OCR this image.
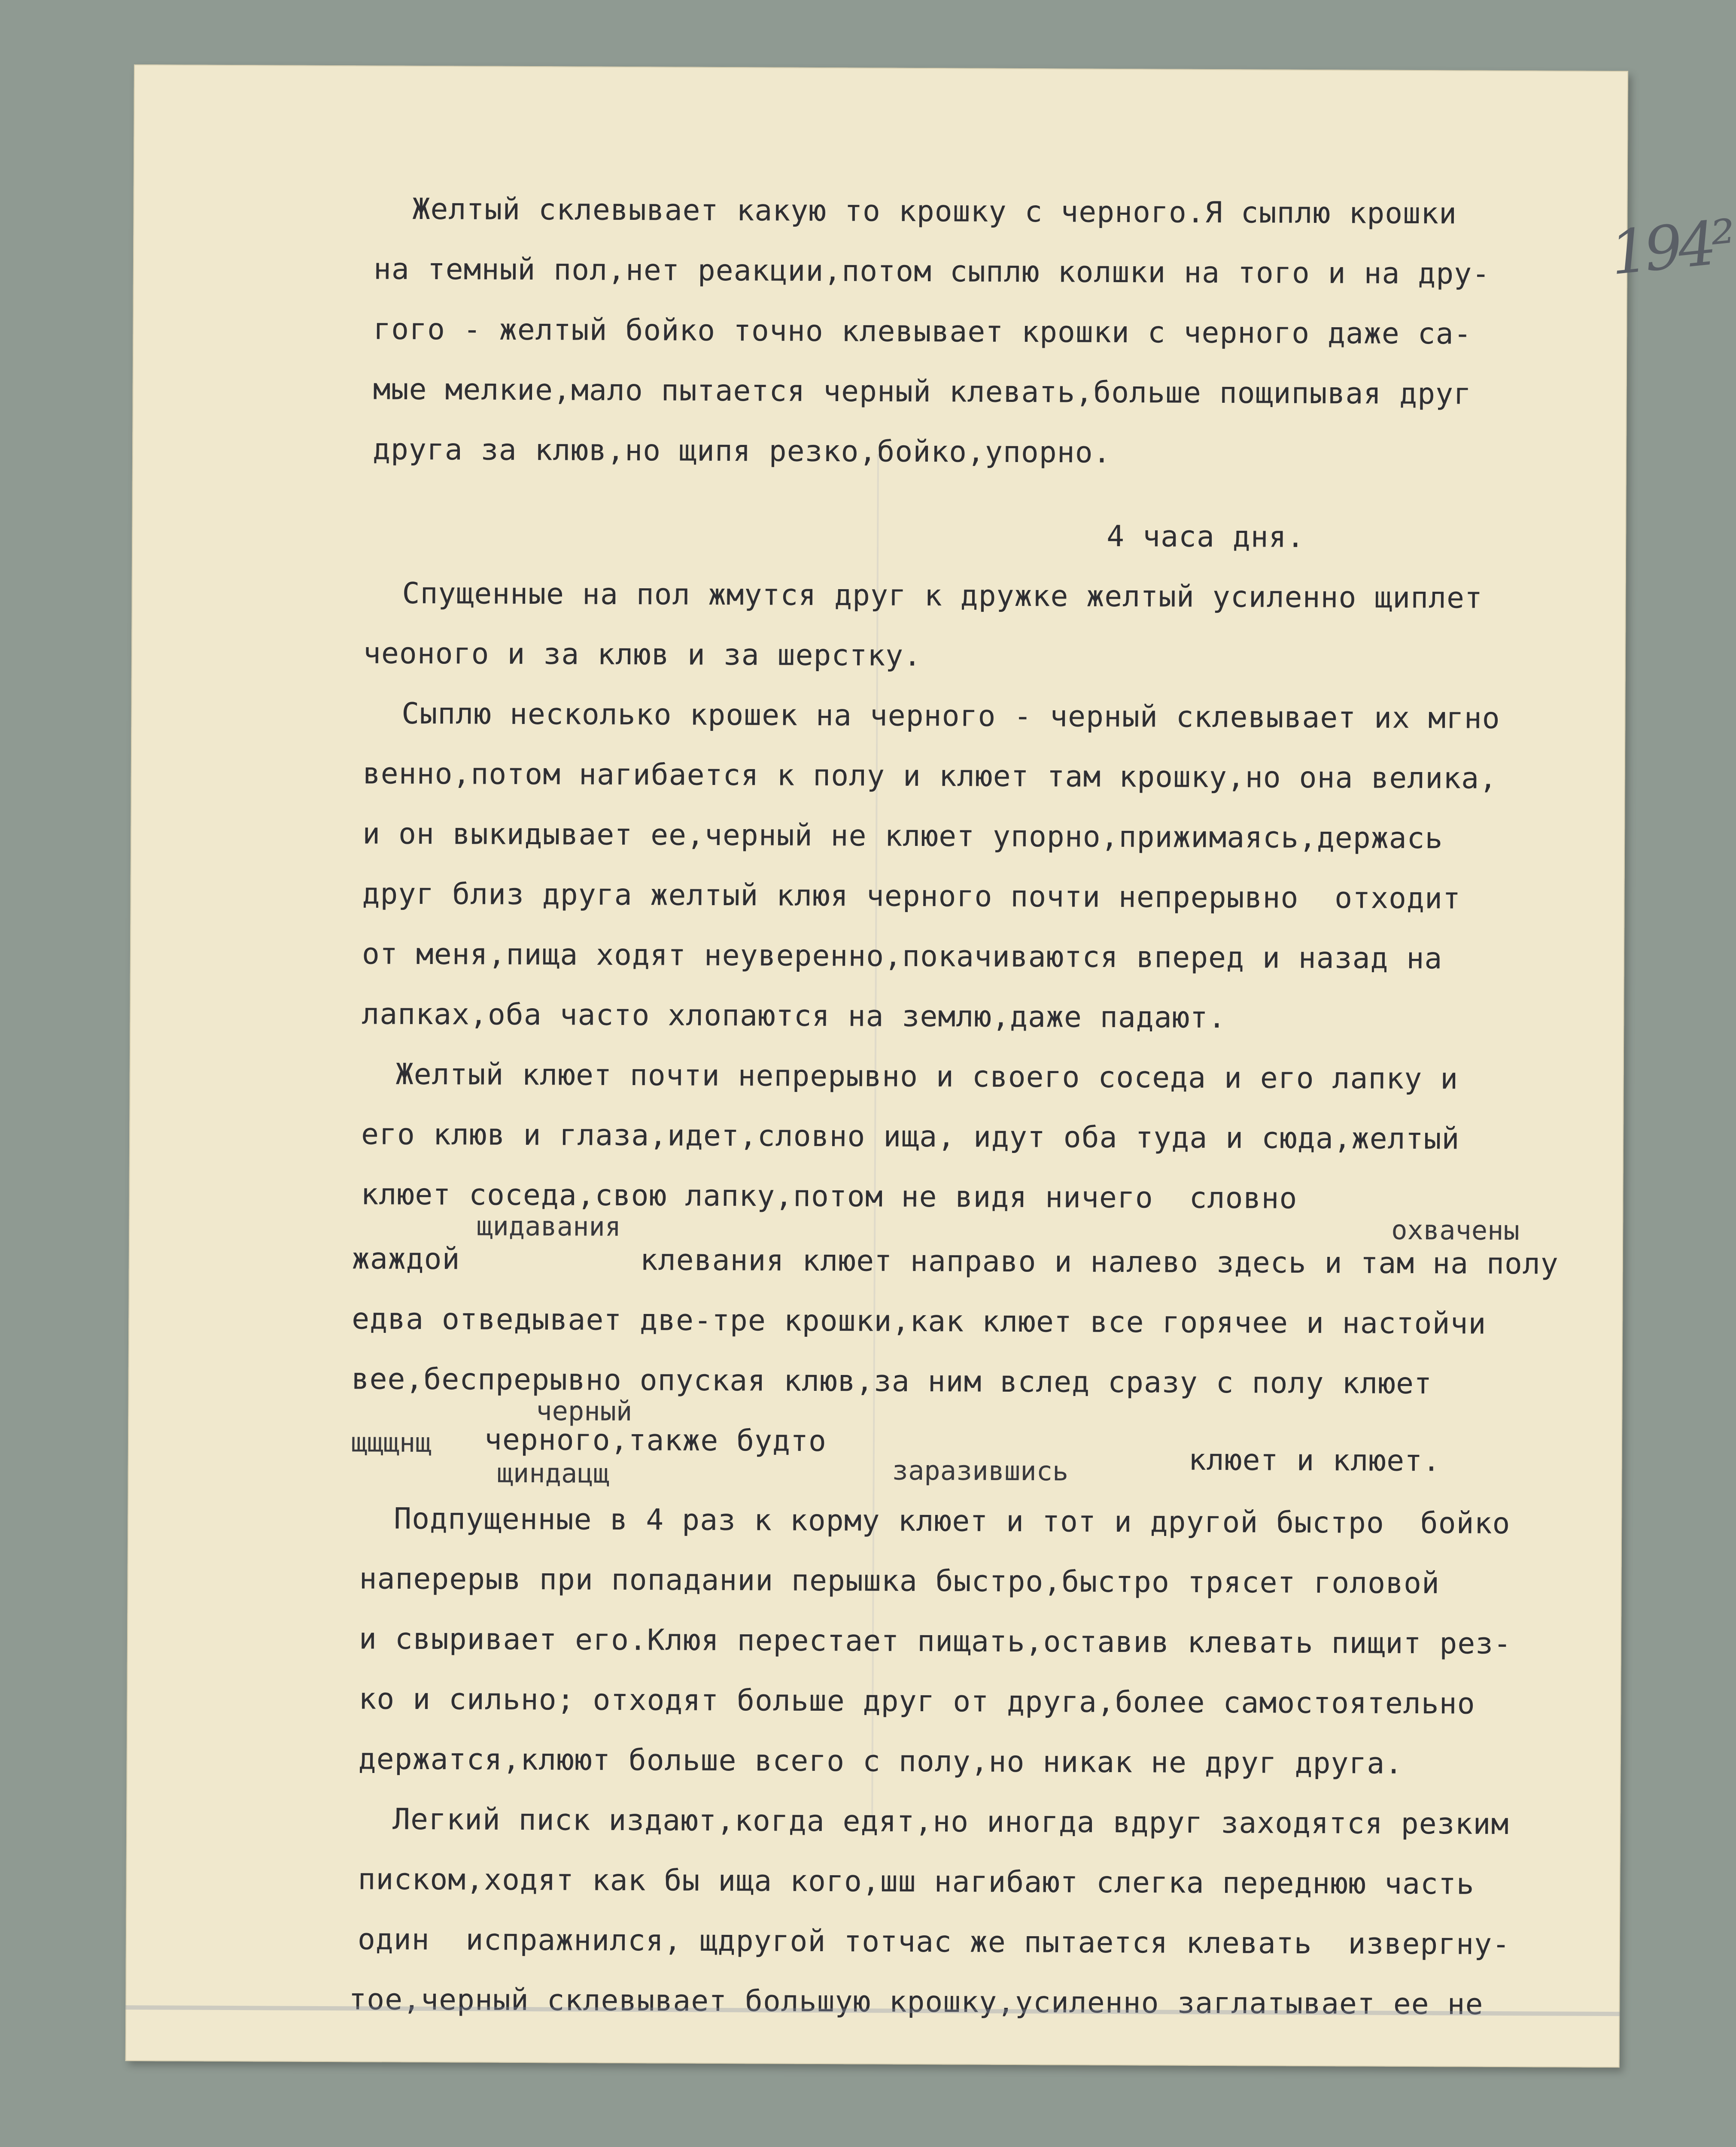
194²
Желтый склевывает какую то крошку с черного.Я сыплю крошки
на темный пол,нет реакции,потом сыплю колшки на того и на дру-
гого - желтый бойко точно клевывает крошки с черного даже са-
мые мелкие,мало пытается черный клевать,больше пощипывая друг
друга за клюв,но щипя резко,бойко,упорно.
4 часа дня.
Спущенные на пол жмутся друг к дружке желтый усиленно щиплет
чеоного и за клюв и за шерстку.
Сыплю несколько крошек на черного - черный склевывает их мгно
венно,потом нагибается к полу и клюет там крошку,но она велика,
и он выкидывает ее,черный не клюет упорно,прижимаясь,держась
друг близ друга желтый клюя черного почти непрерывно  отходит
от меня,пища ходят неуверенно,покачиваются вперед и назад на
лапках,оба часто хлопаются на землю,даже падают.
Желтый клюет почти непрерывно и своего соседа и его лапку и
его клюв и глаза,идет,словно ища, идут оба туда и сюда,желтый
клюет соседа,свою лапку,потом не видя ничего  словно
щидавания	охвачены
жаждой          клевания клюет направо и налево здесь и там на полу
едва отведывает две-тре крошки,как клюет все горячее и настойчи
вее,беспрерывно опуская клюв,за ним вслед сразу с полу клюет
черный
щщщнщ черного,также будто
щиндацщ	заразившись	клюет и клюет.
Подпущенные в 4 раз к корму клюет и тот и другой быстро  бойко
наперерыв при попадании перышка быстро,быстро трясет головой
и свыривает его.Клюя перестает пищать,оставив клевать пищит рез-
ко и сильно; отходят больше друг от друга,более самостоятельно
держатся,клюют больше всего с полу,но никак не друг друга.
Легкий писк издают,когда едят,но иногда вдруг заходятся резким
писком,ходят как бы ища кого,шш нагибают слегка переднюю часть
один  испражнился, щдругой тотчас же пытается клевать  извергну-
тое,черный склевывает большую крошку,усиленно заглатывает ее не
